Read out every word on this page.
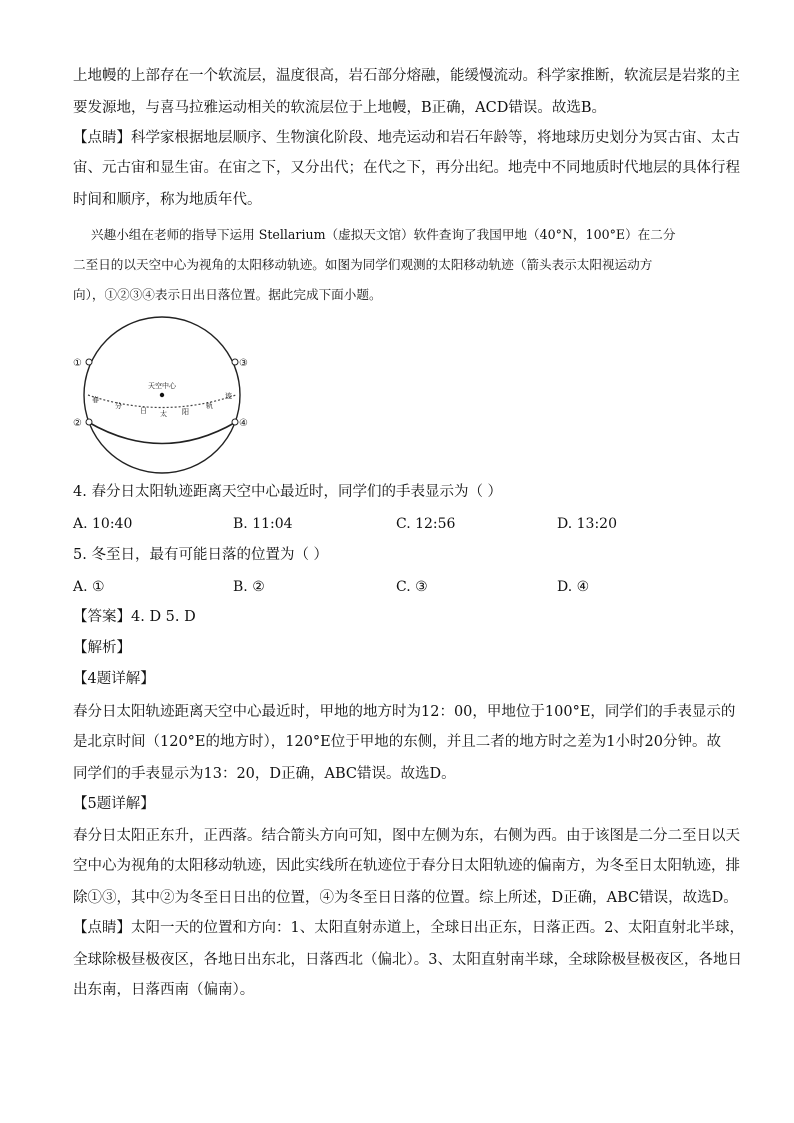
上地幔的上部存在一个软流层，温度很高，岩石部分熔融，能缓慢流动。科学家推断，软流层是岩浆的主
要发源地，与喜马拉雅运动相关的软流层位于上地幔，B正确，ACD错误。故选B。
【点睛】科学家根据地层顺序、生物演化阶段、地壳运动和岩石年龄等，将地球历史划分为冥古宙、太古
宙、元古宙和显生宙。在宙之下，又分出代；在代之下，再分出纪。地壳中不同地质时代地层的具体行程
时间和顺序，称为地质年代。
兴趣小组在老师的指导下运用 Stellarium（虚拟天文馆）软件查询了我国甲地（40°N，100°E）在二分
二至日的以天空中心为视角的太阳移动轨迹。如图为同学们观测的太阳移动轨迹（箭头表示太阳视运动方
向），①②③④表示日出日落位置。据此完成下面小题。
天空中心
春
分
日 太 阳
轨
迹
①
②
③
④
4. 春分日太阳轨迹距离天空中心最近时，同学们的手表显示为（ ）
A. 10:40	B. 11:04	C. 12:56	D. 13:20
5. 冬至日，最有可能日落的位置为（ ）
A. ①	B. ②	C. ③	D. ④
【答案】4. D 5. D
【解析】
【4题详解】
春分日太阳轨迹距离天空中心最近时，甲地的地方时为12：00，甲地位于100°E，同学们的手表显示的
是北京时间（120°E的地方时），120°E位于甲地的东侧，并且二者的地方时之差为1小时20分钟。故
同学们的手表显示为13：20，D正确，ABC错误。故选D。
【5题详解】
春分日太阳正东升，正西落。结合箭头方向可知，图中左侧为东，右侧为西。由于该图是二分二至日以天
空中心为视角的太阳移动轨迹，因此实线所在轨迹位于春分日太阳轨迹的偏南方，为冬至日太阳轨迹，排
除①③，其中②为冬至日日出的位置，④为冬至日日落的位置。综上所述，D正确，ABC错误，故选D。
【点睛】太阳一天的位置和方向：1、太阳直射赤道上，全球日出正东，日落正西。2、太阳直射北半球，
全球除极昼极夜区，各地日出东北，日落西北（偏北）。3、太阳直射南半球，全球除极昼极夜区，各地日
出东南，日落西南（偏南）。
